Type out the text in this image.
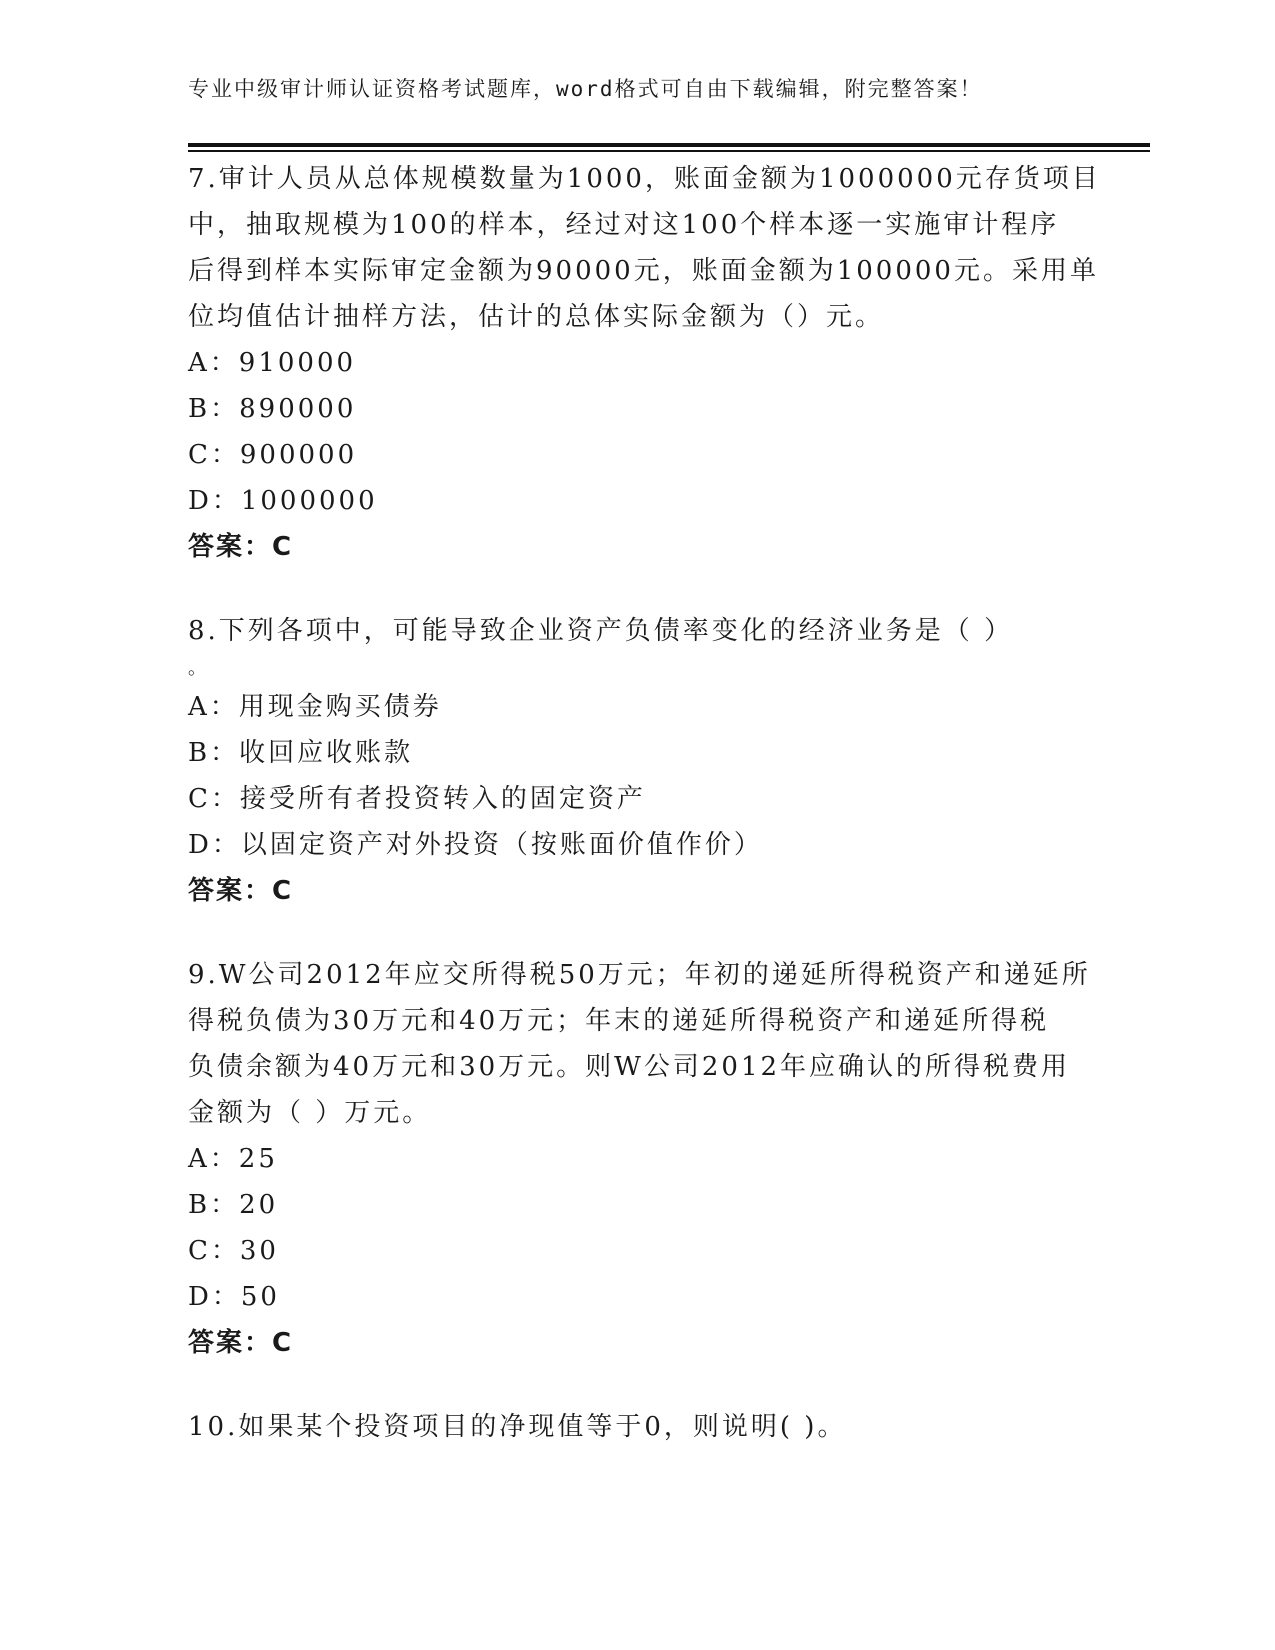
专业中级审计师认证资格考试题库，word格式可自由下载编辑，附完整答案！

7.审计人员从总体规模数量为1000，账面金额为1000000元存货项目
中，抽取规模为100的样本，经过对这100个样本逐一实施审计程序
后得到样本实际审定金额为90000元，账面金额为100000元。采用单
位均值估计抽样方法，估计的总体实际金额为（）元。

A：910000

B：890000

C：900000

D：1000000

答案：C

8.下列各项中，可能导致企业资产负债率变化的经济业务是（ ）

。

A：用现金购买债券

B：收回应收账款

C：接受所有者投资转入的固定资产

D：以固定资产对外投资（按账面价值作价）

答案：C

9.W公司2012年应交所得税50万元；年初的递延所得税资产和递延所
得税负债为30万元和40万元；年末的递延所得税资产和递延所得税
负债余额为40万元和30万元。则W公司2012年应确认的所得税费用
金额为（ ）万元。

A：25

B：20

C：30

D：50

答案：C

10.如果某个投资项目的净现值等于0，则说明( )。
